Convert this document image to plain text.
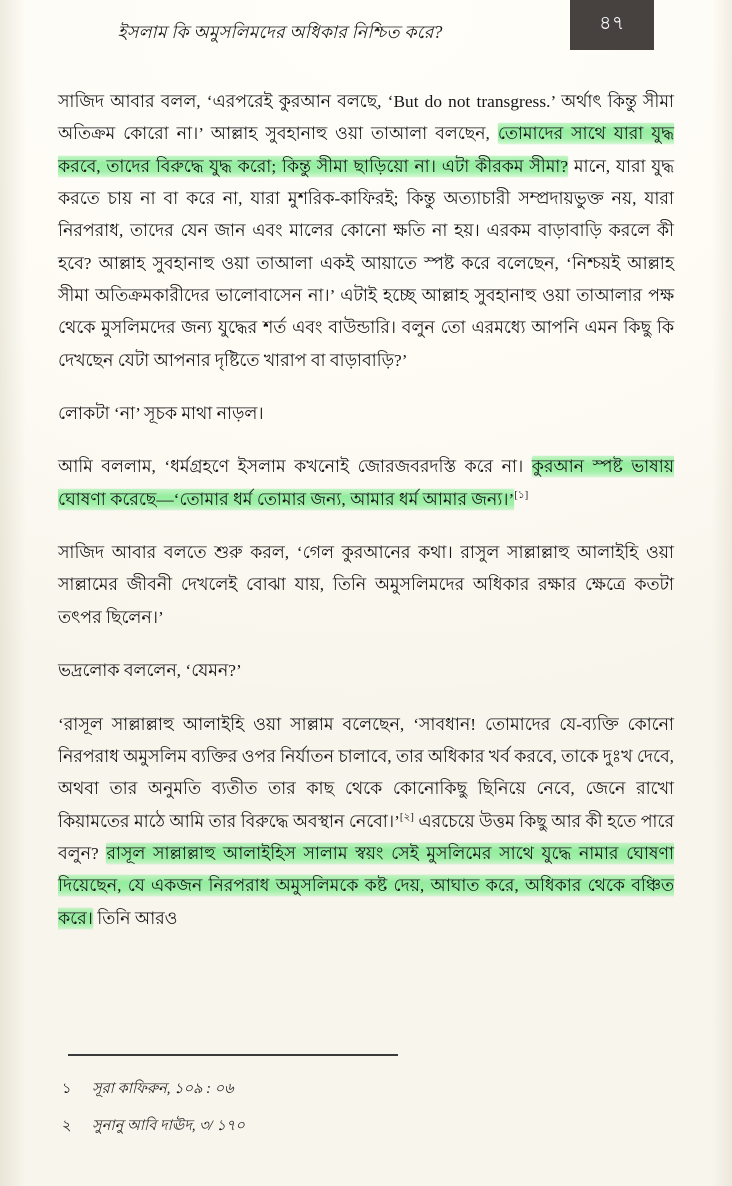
ইসলাম কি অমুসলিমদের অধিকার নিশ্চিত করে?	৪৭

সাজিদ আবার বলল, ‘এরপরেই কুরআন বলছে, ‘But do not transgress.’ অর্থাৎ কিন্তু সীমা অতিক্রম কোরো না।’ আল্লাহ সুবহানাহু ওয়া তাআলা বলছেন, তোমাদের সাথে যারা যুদ্ধ করবে, তাদের বিরুদ্ধে যুদ্ধ করো; কিন্তু সীমা ছাড়িয়ো না। এটা কীরকম সীমা? মানে, যারা যুদ্ধ করতে চায় না বা করে না, যারা মুশরিক-কাফিরই; কিন্তু অত্যাচারী সম্প্রদায়ভুক্ত নয়, যারা নিরপরাধ, তাদের যেন জান এবং মালের কোনো ক্ষতি না হয়। এরকম বাড়াবাড়ি করলে কী হবে? আল্লাহ সুবহানাহু ওয়া তাআলা একই আয়াতে স্পষ্ট করে বলেছেন, ‘নিশ্চয়ই আল্লাহ সীমা অতিক্রমকারীদের ভালোবাসেন না।’ এটাই হচ্ছে আল্লাহ সুবহানাহু ওয়া তাআলার পক্ষ থেকে মুসলিমদের জন্য যুদ্ধের শর্ত এবং বাউন্ডারি। বলুন তো এরমধ্যে আপনি এমন কিছু কি দেখছেন যেটা আপনার দৃষ্টিতে খারাপ বা বাড়াবাড়ি?’

লোকটা ‘না’ সূচক মাথা নাড়ল।

আমি বললাম, ‘ধর্মগ্রহণে ইসলাম কখনোই জোরজবরদস্তি করে না। কুরআন স্পষ্ট ভাষায় ঘোষণা করেছে—‘তোমার ধর্ম তোমার জন্য, আমার ধর্ম আমার জন্য।’[১]

সাজিদ আবার বলতে শুরু করল, ‘গেল কুরআনের কথা। রাসুল সাল্লাল্লাহু আলাইহি ওয়া সাল্লামের জীবনী দেখলেই বোঝা যায়, তিনি অমুসলিমদের অধিকার রক্ষার ক্ষেত্রে কতটা তৎপর ছিলেন।’

ভদ্রলোক বললেন, ‘যেমন?’

‘রাসূল সাল্লাল্লাহু আলাইহি ওয়া সাল্লাম বলেছেন, ‘সাবধান! তোমাদের যে-ব্যক্তি কোনো নিরপরাধ অমুসলিম ব্যক্তির ওপর নির্যাতন চালাবে, তার অধিকার খর্ব করবে, তাকে দুঃখ দেবে, অথবা তার অনুমতি ব্যতীত তার কাছ থেকে কোনোকিছু ছিনিয়ে নেবে, জেনে রাখো কিয়ামতের মাঠে আমি তার বিরুদ্ধে অবস্থান নেবো।’[২] এরচেয়ে উত্তম কিছু আর কী হতে পারে বলুন? রাসূল সাল্লাল্লাহু আলাইহিস সালাম স্বয়ং সেই মুসলিমের সাথে যুদ্ধে নামার ঘোষণা দিয়েছেন, যে একজন নিরপরাধ অমুসলিমকে কষ্ট দেয়, আঘাত করে, অধিকার থেকে বঞ্চিত করে। তিনি আরও

১	সূরা কাফিরুন, ১০৯ : ০৬
২	সুনানু আবি দাঊদ, ৩/ ১৭০
